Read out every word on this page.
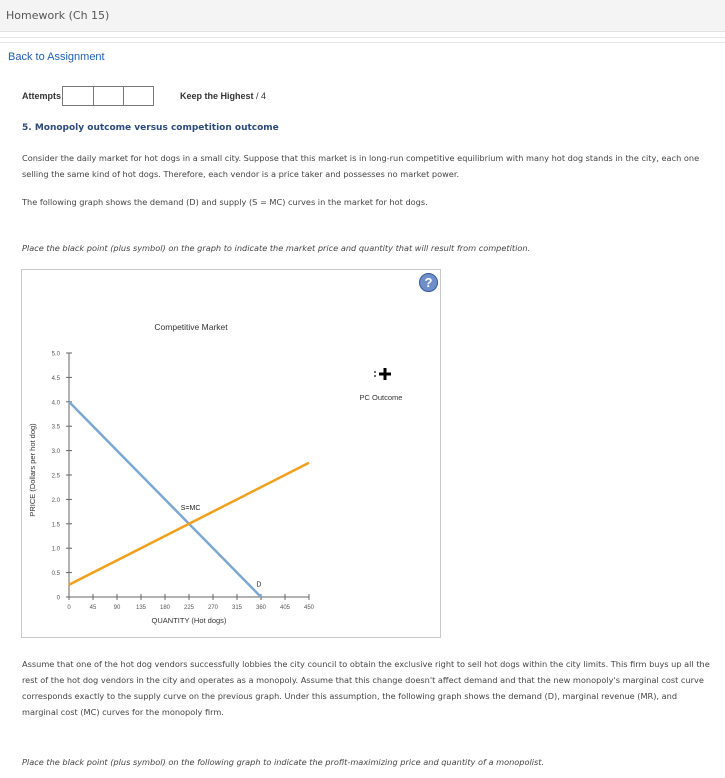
Homework (Ch 15)
Back to Assignment
Attempts	Keep the Highest / 4
5. Monopoly outcome versus competition outcome
Consider the daily market for hot dogs in a small city. Suppose that this market is in long-run competitive equilibrium with many hot dog stands in the city, each one selling the same kind of hot dogs. Therefore, each vendor is a price taker and possesses no market power.
The following graph shows the demand (D) and supply (S = MC) curves in the market for hot dogs.
Place the black point (plus symbol) on the graph to indicate the market price and quantity that will result from competition.
Competitive Market
0
0.5
1.0
1.5
2.0
2.5
3.0
3.5
4.0
4.5
5.0
0	45	90	135 180 225 270 315 360 405 450
D
S=MC
PRICE (Dollars per hot dog)
QUANTITY (Hot dogs)
PC Outcome
+
?
Assume that one of the hot dog vendors successfully lobbies the city council to obtain the exclusive right to sell hot dogs within the city limits. This firm buys up all the rest of the hot dog vendors in the city and operates as a monopoly. Assume that this change doesn't affect demand and that the new monopoly's marginal cost curve corresponds exactly to the supply curve on the previous graph. Under this assumption, the following graph shows the demand (D), marginal revenue (MR), and marginal cost (MC) curves for the monopoly firm.
Place the black point (plus symbol) on the following graph to indicate the profit-maximizing price and quantity of a monopolist.
